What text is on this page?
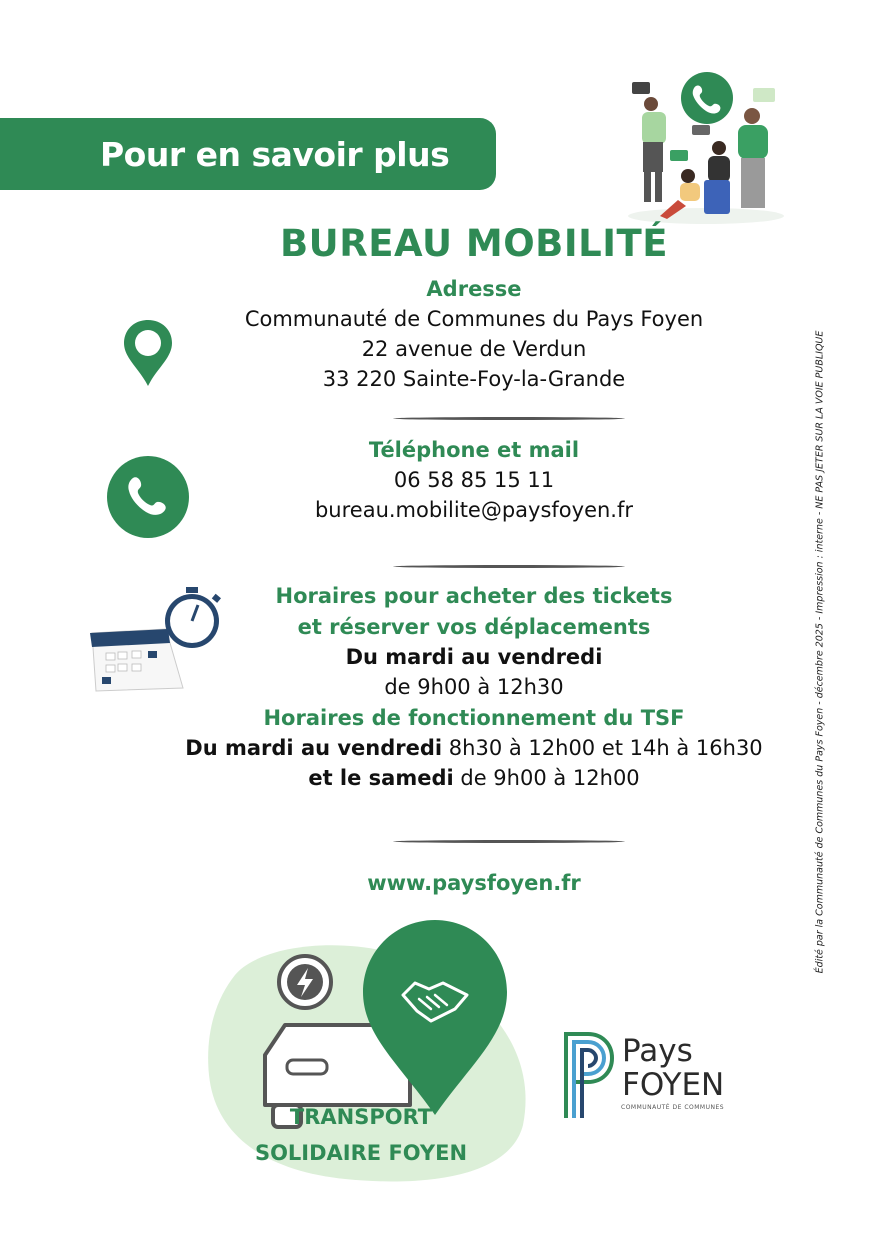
Pour en savoir plus
BUREAU MOBILITÉ
Adresse
Communauté de Communes du Pays Foyen
22 avenue de Verdun
33 220 Sainte-Foy-la-Grande
Téléphone et mail
06 58 85 15 11
bureau.mobilite@paysfoyen.fr
Horaires pour acheter des tickets
et réserver vos déplacements
Du mardi au vendredi
de 9h00 à 12h30
Horaires de fonctionnement du TSF
Du mardi au vendredi 8h30 à 12h00 et 14h à 16h30
et le samedi de 9h00 à 12h00
www.paysfoyen.fr
TRANSPORT
SOLIDAIRE FOYEN
Pays
FOYEN
COMMUNAUTÉ DE COMMUNES
Édité par la Communauté de Communes du Pays Foyen - décembre 2025 - Impression : interne - NE PAS JETER SUR LA VOIE PUBLIQUE
